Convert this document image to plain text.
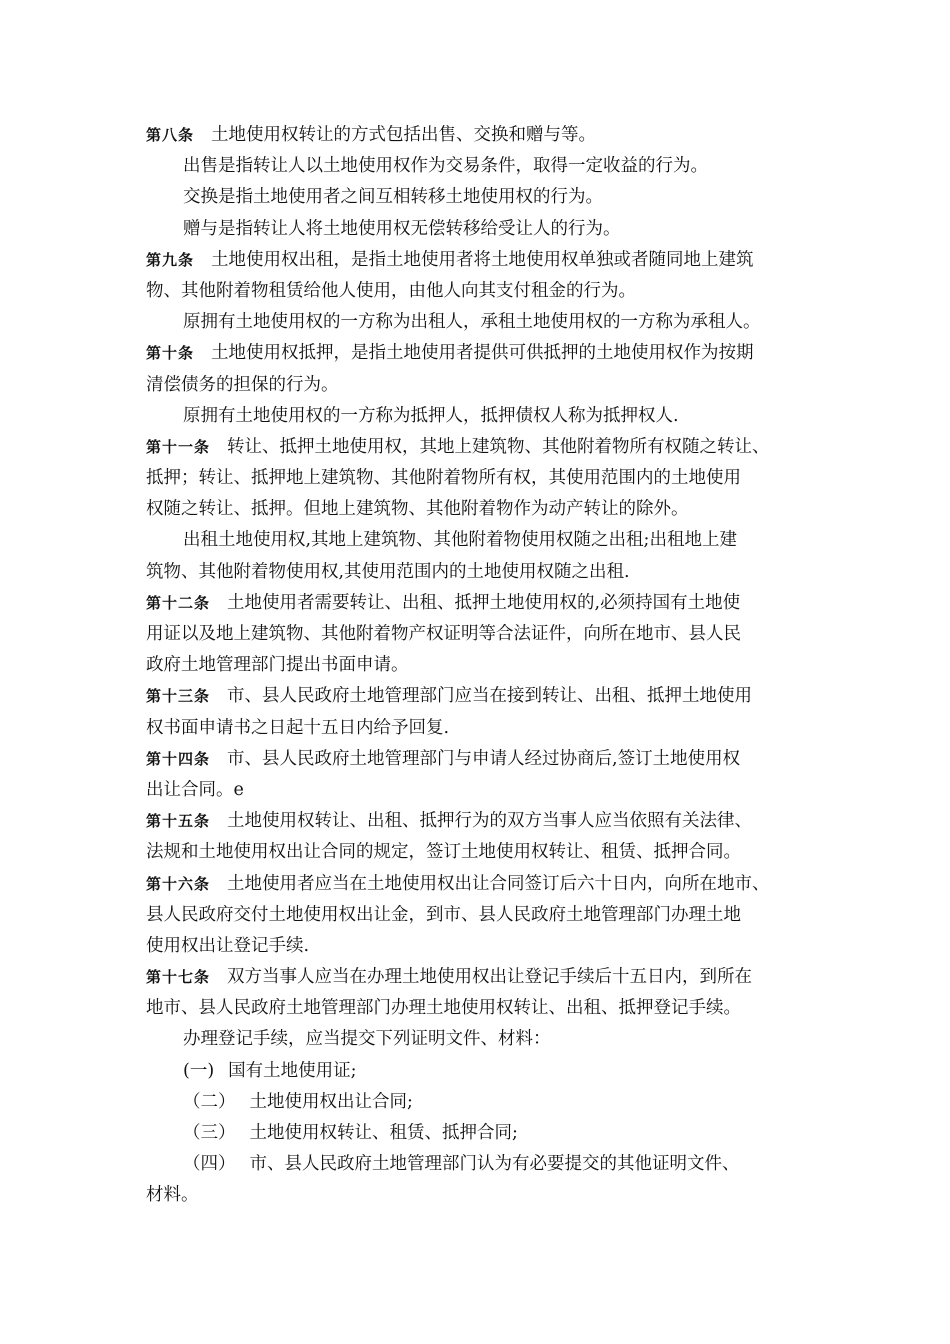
第八条 土地使用权转让的方式包括出售、交换和赠与等。
出售是指转让人以土地使用权作为交易条件，取得一定收益的行为。
交换是指土地使用者之间互相转移土地使用权的行为。
赠与是指转让人将土地使用权无偿转移给受让人的行为。
第九条 土地使用权出租，是指土地使用者将土地使用权单独或者随同地上建筑
物、其他附着物租赁给他人使用，由他人向其支付租金的行为。
原拥有土地使用权的一方称为出租人，承租土地使用权的一方称为承租人。
第十条 土地使用权抵押，是指土地使用者提供可供抵押的土地使用权作为按期
清偿债务的担保的行为。
原拥有土地使用权的一方称为抵押人，抵押债权人称为抵押权人.
第十一条 转让、抵押土地使用权，其地上建筑物、其他附着物所有权随之转让、
抵押；转让、抵押地上建筑物、其他附着物所有权，其使用范围内的土地使用
权随之转让、抵押。但地上建筑物、其他附着物作为动产转让的除外。
出租土地使用权,其地上建筑物、其他附着物使用权随之出租;出租地上建
筑物、其他附着物使用权,其使用范围内的土地使用权随之出租.
第十二条 土地使用者需要转让、出租、抵押土地使用权的,必须持国有土地使
用证以及地上建筑物、其他附着物产权证明等合法证件，向所在地市、县人民
政府土地管理部门提出书面申请。
第十三条 市、县人民政府土地管理部门应当在接到转让、出租、抵押土地使用
权书面申请书之日起十五日内给予回复.
第十四条 市、县人民政府土地管理部门与申请人经过协商后,签订土地使用权
出让合同。e
第十五条 土地使用权转让、出租、抵押行为的双方当事人应当依照有关法律、
法规和土地使用权出让合同的规定，签订土地使用权转让、租赁、抵押合同。
第十六条 土地使用者应当在土地使用权出让合同签订后六十日内，向所在地市、
县人民政府交付土地使用权出让金，到市、县人民政府土地管理部门办理土地
使用权出让登记手续.
第十七条 双方当事人应当在办理土地使用权出让登记手续后十五日内，到所在
地市、县人民政府土地管理部门办理土地使用权转让、出租、抵押登记手续。
办理登记手续，应当提交下列证明文件、材料：
(一) 国有土地使用证;
（二） 土地使用权出让合同;
（三） 土地使用权转让、租赁、抵押合同;
（四） 市、县人民政府土地管理部门认为有必要提交的其他证明文件、
材料。
